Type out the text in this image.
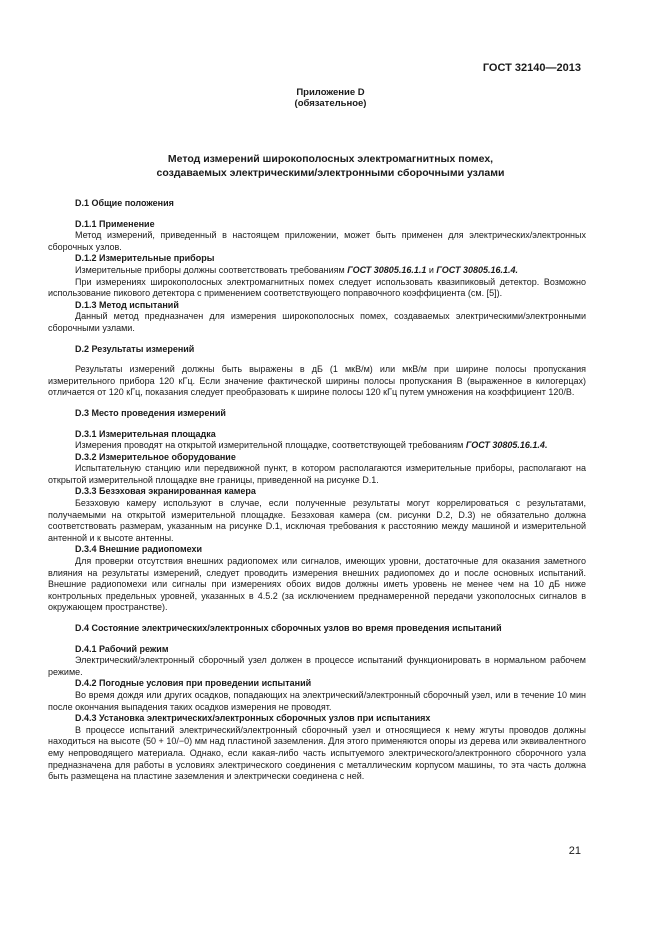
ГОСТ 32140—2013
Приложение D
(обязательное)
Метод измерений широкополосных электромагнитных помех,
создаваемых электрическими/электронными сборочными узлами
D.1 Общие положения
D.1.1 Применение

Метод измерений, приведенный в настоящем приложении, может быть применен для электрических/электронных сборочных узлов.

D.1.2 Измерительные приборы

Измерительные приборы должны соответствовать требованиям ГОСТ 30805.16.1.1 и ГОСТ 30805.16.1.4.

При измерениях широкополосных электромагнитных помех следует использовать квазипиковый детектор. Возможно использование пикового детектора с применением соответствующего поправочного коэффициента (см. [5]).

D.1.3 Метод испытаний

Данный метод предназначен для измерения широкополосных помех, создаваемых электрическими/электронными сборочными узлами.

D.2 Результаты измерений

Результаты измерений должны быть выражены в дБ (1 мкВ/м) или мкВ/м при ширине полосы пропускания измерительного прибора 120 кГц. Если значение фактической ширины полосы пропускания B (выраженное в килогерцах) отличается от 120 кГц, показания следует преобразовать к ширине полосы 120 кГц путем умножения на коэффициент 120/B.

D.3 Место проведения измерений
D.3.1 Измерительная площадка

Измерения проводят на открытой измерительной площадке, соответствующей требованиям ГОСТ 30805.16.1.4.

D.3.2 Измерительное оборудование

Испытательную станцию или передвижной пункт, в котором располагаются измерительные приборы, располагают на открытой измерительной площадке вне границы, приведенной на рисунке D.1.

D.3.3 Безэховая экранированная камера

Безэховую камеру используют в случае, если полученные результаты могут коррелироваться с результатами, получаемыми на открытой измерительной площадке. Безэховая камера (см. рисунки D.2, D.3) не обязательно должна соответствовать размерам, указанным на рисунке D.1, исключая требования к расстоянию между машиной и измерительной антенной и к высоте антенны.

D.3.4 Внешние радиопомехи

Для проверки отсутствия внешних радиопомех или сигналов, имеющих уровни, достаточные для оказания заметного влияния на результаты измерений, следует проводить измерения внешних радиопомех до и после основных испытаний. Внешние радиопомехи или сигналы при измерениях обоих видов должны иметь уровень не менее чем на 10 дБ ниже контрольных предельных уровней, указанных в 4.5.2 (за исключением преднамеренной передачи узкополосных сигналов в окружающем пространстве).

D.4 Состояние электрических/электронных сборочных узлов во время проведения испытаний
D.4.1 Рабочий режим

Электрический/электронный сборочный узел должен в процессе испытаний функционировать в нормальном рабочем режиме.

D.4.2 Погодные условия при проведении испытаний

Во время дождя или других осадков, попадающих на электрический/электронный сборочный узел, или в течение 10 мин после окончания выпадения таких осадков измерения не проводят.

D.4.3 Установка электрических/электронных сборочных узлов при испытаниях

В процессе испытаний электрический/электронный сборочный узел и относящиеся к нему жгуты проводов должны находиться на высоте (50 + 10/−0) мм над пластиной заземления. Для этого применяются опоры из дерева или эквивалентного ему непроводящего материала. Однако, если какая-либо часть испытуемого электрического/электронного сборочного узла предназначена для работы в условиях электрического соединения с металлическим корпусом машины, то эта часть должна быть размещена на пластине заземления и электрически соединена с ней.

21
